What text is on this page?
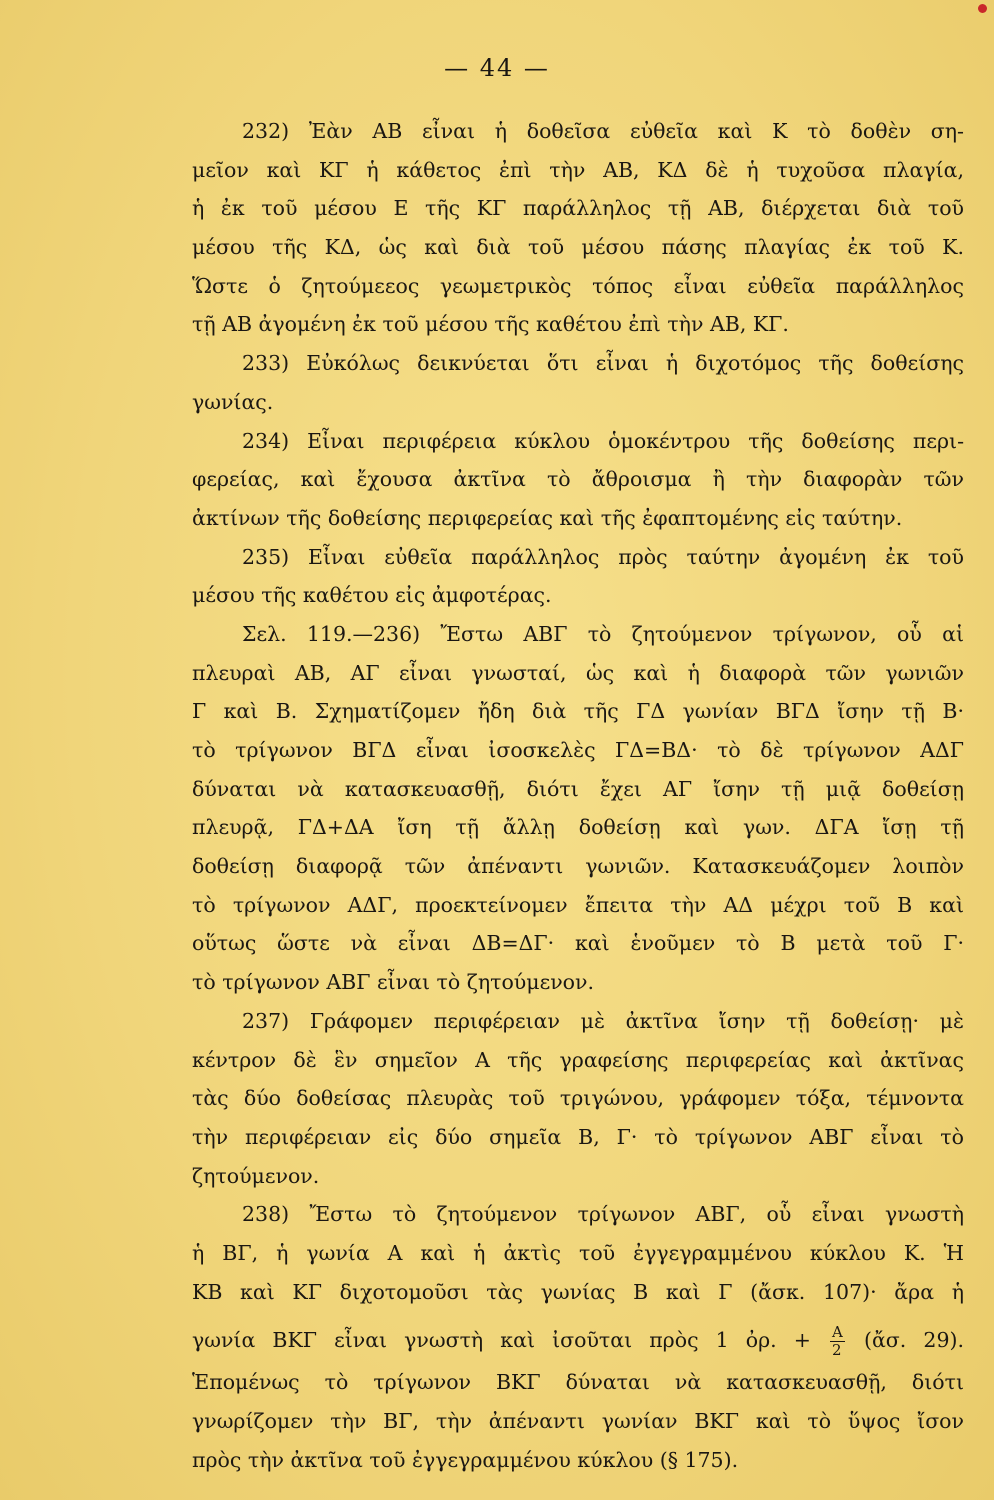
— 44 —
232) Ἐὰν ΑΒ εἶναι ἡ δοθεῖσα εὐθεῖα καὶ Κ τὸ δοθὲν ση-
μεῖον καὶ ΚΓ ἡ κάθετος ἐπὶ τὴν ΑΒ, ΚΔ δὲ ἡ τυχοῦσα πλαγία,
ἡ ἐκ τοῦ μέσου Ε τῆς ΚΓ παράλληλος τῇ ΑΒ, διέρχεται διὰ τοῦ
μέσου τῆς ΚΔ, ὡς καὶ διὰ τοῦ μέσου πάσης πλαγίας ἐκ τοῦ Κ.
Ὥστε ὁ ζητούμεεος γεωμετρικὸς τόπος εἶναι εὐθεῖα παράλληλος
τῇ ΑΒ ἀγομένη ἐκ τοῦ μέσου τῆς καθέτου ἐπὶ τὴν ΑΒ, ΚΓ.
233) Εὐκόλως δεικνύεται ὅτι εἶναι ἡ διχοτόμος τῆς δοθείσης
γωνίας.
234) Εἶναι περιφέρεια κύκλου ὁμοκέντρου τῆς δοθείσης περι-
φερείας, καὶ ἔχουσα ἀκτῖνα τὸ ἄθροισμα ἢ τὴν διαφορὰν τῶν
ἀκτίνων τῆς δοθείσης περιφερείας καὶ τῆς ἐφαπτομένης εἰς ταύτην.
235) Εἶναι εὐθεῖα παράλληλος πρὸς ταύτην ἀγομένη ἐκ τοῦ
μέσου τῆς καθέτου εἰς ἀμφοτέρας.
Σελ. 119.—236) Ἔστω ΑΒΓ τὸ ζητούμενον τρίγωνον, οὗ αἱ
πλευραὶ ΑΒ, ΑΓ εἶναι γνωσταί, ὡς καὶ ἡ διαφορὰ τῶν γωνιῶν
Γ καὶ Β. Σχηματίζομεν ἤδη διὰ τῆς ΓΔ γωνίαν ΒΓΔ ἴσην τῇ Β·
τὸ τρίγωνον ΒΓΔ εἶναι ἰσοσκελὲς ΓΔ=ΒΔ· τὸ δὲ τρίγωνον ΑΔΓ
δύναται νὰ κατασκευασθῇ, διότι ἔχει ΑΓ ἴσην τῇ μιᾷ δοθείσῃ
πλευρᾷ, ΓΔ+ΔΑ ἴση τῇ ἄλλῃ δοθείσῃ καὶ γων. ΔΓΑ ἴσῃ τῇ
δοθείσῃ διαφορᾷ τῶν ἀπέναντι γωνιῶν. Κατασκευάζομεν λοιπὸν
τὸ τρίγωνον ΑΔΓ, προεκτείνομεν ἔπειτα τὴν ΑΔ μέχρι τοῦ Β καὶ
οὕτως ὥστε νὰ εἶναι ΔΒ=ΔΓ· καὶ ἑνοῦμεν τὸ Β μετὰ τοῦ Γ·
τὸ τρίγωνον ΑΒΓ εἶναι τὸ ζητούμενον.
237) Γράφομεν περιφέρειαν μὲ ἀκτῖνα ἴσην τῇ δοθείσῃ· μὲ
κέντρον δὲ ἓν σημεῖον Α τῆς γραφείσης περιφερείας καὶ ἀκτῖνας
τὰς δύο δοθείσας πλευρὰς τοῦ τριγώνου, γράφομεν τόξα, τέμνοντα
τὴν περιφέρειαν εἰς δύο σημεῖα Β, Γ· τὸ τρίγωνον ΑΒΓ εἶναι τὸ
ζητούμενον.
238) Ἔστω τὸ ζητούμενον τρίγωνον ΑΒΓ, οὗ εἶναι γνωστὴ
ἡ ΒΓ, ἡ γωνία Α καὶ ἡ ἀκτὶς τοῦ ἐγγεγραμμένου κύκλου Κ. Ἡ
ΚΒ καὶ ΚΓ διχοτομοῦσι τὰς γωνίας Β καὶ Γ (ἄσκ. 107)· ἄρα ἡ
γωνία ΒΚΓ εἶναι γνωστὴ καὶ ἰσοῦται πρὸς 1 ὀρ. + $\frac{A}{2}$ (ἄσ. 29).
Ἑπομένως τὸ τρίγωνον ΒΚΓ δύναται νὰ κατασκευασθῇ, διότι
γνωρίζομεν τὴν ΒΓ, τὴν ἀπέναντι γωνίαν ΒΚΓ καὶ τὸ ὕψος ἴσον
πρὸς τὴν ἀκτῖνα τοῦ ἐγγεγραμμένου κύκλου (§ 175).
